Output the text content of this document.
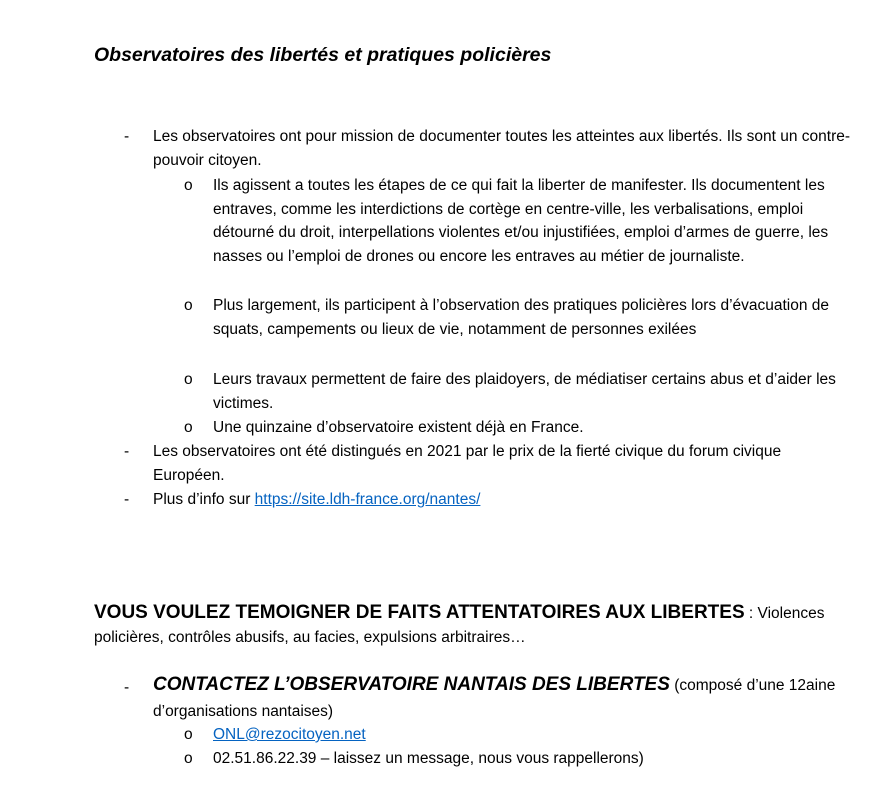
Observatoires des libertés et pratiques policières
- Les observatoires ont pour mission de documenter toutes les atteintes aux libertés. Ils sont un contre-pouvoir citoyen.

o Ils agissent a toutes les étapes de ce qui fait la liberter de manifester. Ils documentent les entraves, comme les interdictions de cortège en centre-ville, les verbalisations, emploi détourné du droit, interpellations violentes et/ou injustifiées, emploi d’armes de guerre, les nasses ou l’emploi de drones ou encore les entraves au métier de journaliste.

o Plus largement, ils participent à l’observation des pratiques policières lors d’évacuation de squats, campements ou lieux de vie, notamment de personnes exilées

o Leurs travaux permettent de faire des plaidoyers, de médiatiser certains abus et d’aider les victimes.

o Une quinzaine d’observatoire existent déjà en France.

- Les observatoires ont été distingués en 2021 par le prix de la fierté civique du forum civique Européen.

- Plus d’info sur https://site.ldh-france.org/nantes/

VOUS VOULEZ TEMOIGNER DE FAITS ATTENTATOIRES AUX LIBERTES : Violences policières, contrôles abusifs, au facies, expulsions arbitraires…

- CONTACTEZ L’OBSERVATOIRE NANTAIS DES LIBERTES (composé d’une 12aine d’organisations nantaises)

o ONL@rezocitoyen.net

o 02.51.86.22.39 – laissez un message, nous vous rappellerons)
